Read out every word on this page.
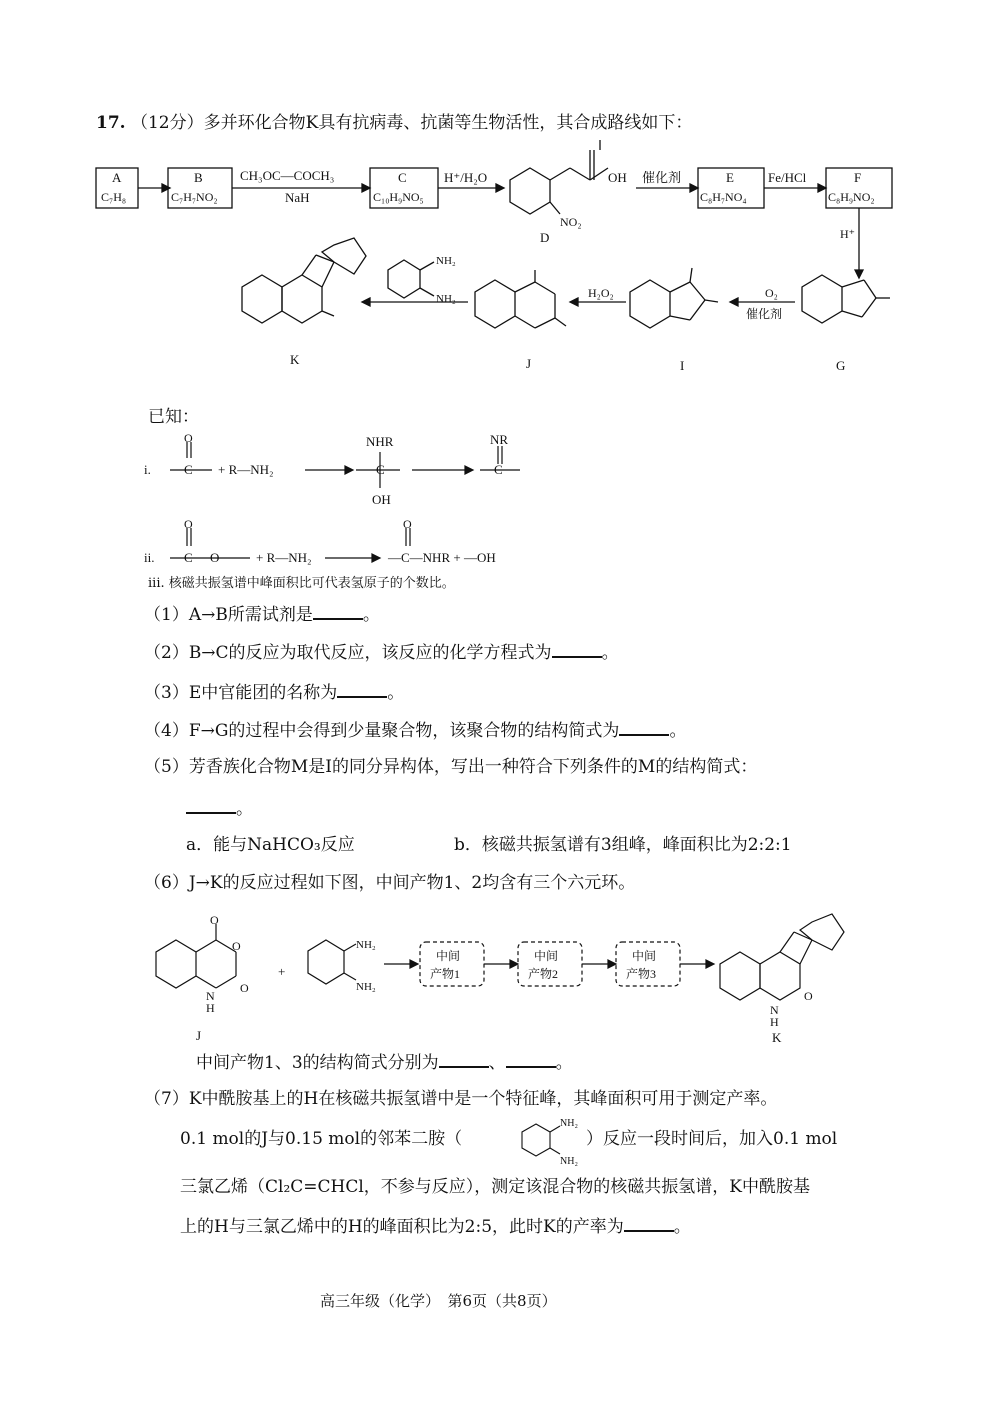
17. （12分）多并环化合物K具有抗病毒、抗菌等生物活性，其合成路线如下：
A
C₇H₈
B
C₇H₇NO₂
CH₃OC—COCH₃
NaH
C
C₁₀H₉NO₅
H⁺/H₂O	OH
NO₂
D
催化剂	E
C₈H₇NO₄
Fe/HCl	F
C₈H₉NO₂
H⁺
G
O₂
催化剂
I
H₂O₂
J
NH₂
NH₂
K
已知：
i.
O
C + R—NH₂
NHR
C
OH
NR
C
ii.
O
C O	+ R—NH₂
O
—C—NHR + —OH
iii. 核磁共振氢谱中峰面积比可代表氢原子的个数比。
（1）A→B所需试剂是	。
（2）B→C的反应为取代反应，该反应的化学方程式为	。
（3）E中官能团的名称为	。
（4）F→G的过程中会得到少量聚合物，该聚合物的结构简式为	。
（5）芳香族化合物M是I的同分异构体，写出一种符合下列条件的M的结构简式：
。
a．能与NaHCO₃反应	b．核磁共振氢谱有3组峰，峰面积比为2:2:1
（6）J→K的反应过程如下图，中间产物1、2均含有三个六元环。
O
O
O
N
H
+
NH₂
NH₂
中间
产物1
中间
产物2
中间
产物3
O
N
H
J	K
中间产物1、3的结构简式分别为	、	。
（7）K中酰胺基上的H在核磁共振氢谱中是一个特征峰，其峰面积可用于测定产率。
0.1 mol的J与0.15 mol的邻苯二胺（
NH₂
NH₂
）反应一段时间后，加入0.1 mol
三氯乙烯（Cl₂C=CHCl，不参与反应），测定该混合物的核磁共振氢谱，K中酰胺基
上的H与三氯乙烯中的H的峰面积比为2:5，此时K的产率为	。
高三年级（化学）　第6页（共8页）
